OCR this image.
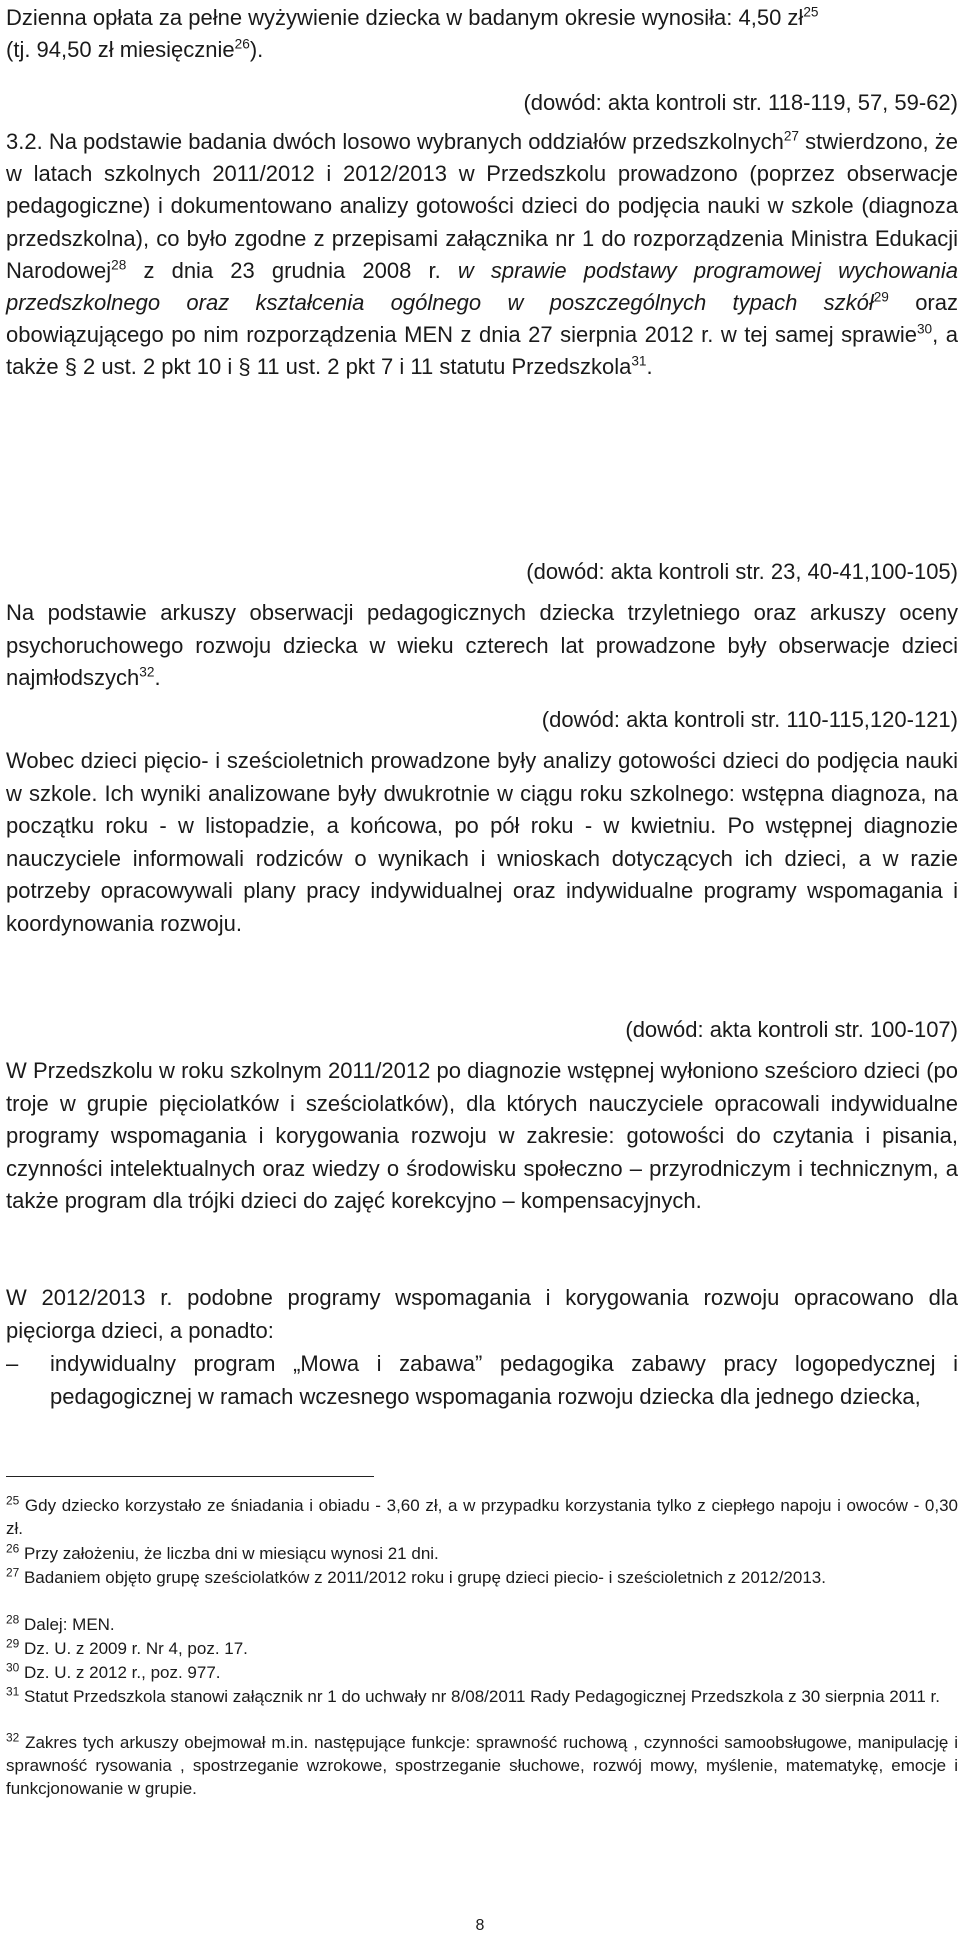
Dzienna opłata za pełne wyżywienie dziecka w badanym okresie wynosiła: 4,50 $zł^{25}$
(tj. 94,50 zł miesięcznie$^{26}$).

(dowód: akta kontroli str. 118-119, 57, 59-62)

3.2. Na podstawie badania dwóch losowo wybranych oddziałów przedszkolnych$^{27}$ stwierdzono, że w latach szkolnych 2011/2012 i 2012/2013 w Przedszkolu prowadzono (poprzez obserwacje pedagogiczne) i dokumentowano analizy gotowości dzieci do podjęcia nauki w szkole (diagnoza przedszkolna), co było zgodne z przepisami załącznika nr 1 do rozporządzenia Ministra Edukacji Narodowej$^{28}$ z dnia 23 grudnia 2008 r. w sprawie podstawy programowej wychowania przedszkolnego oraz kształcenia ogólnego w poszczególnych typach szkół$^{29}$ oraz obowiązującego po nim rozporządzenia MEN z dnia 27 sierpnia 2012 r. w tej samej sprawie$^{30}$, a także § 2 ust. 2 pkt 10 i § 11 ust. 2 pkt 7 i 11 statutu Przedszkola$^{31}$.

(dowód: akta kontroli str. 23, 40-41,100-105)

Na podstawie arkuszy obserwacji pedagogicznych dziecka trzyletniego oraz arkuszy oceny psychoruchowego rozwoju dziecka w wieku czterech lat prowadzone były obserwacje dzieci najmłodszych$^{32}$.

(dowód: akta kontroli str. 110-115,120-121)

Wobec dzieci pięcio- i sześcioletnich prowadzone były analizy gotowości dzieci do podjęcia nauki w szkole. Ich wyniki analizowane były dwukrotnie w ciągu roku szkolnego: wstępna diagnoza, na początku roku - w listopadzie, a końcowa, po pół roku - w kwietniu. Po wstępnej diagnozie nauczyciele informowali rodziców o wynikach i wnioskach dotyczących ich dzieci, a w razie potrzeby opracowywali plany pracy indywidualnej oraz indywidualne programy wspomagania i koordynowania rozwoju.

(dowód: akta kontroli str. 100-107)

W Przedszkolu w roku szkolnym 2011/2012 po diagnozie wstępnej wyłoniono sześcioro dzieci (po troje w grupie pięciolatków i sześciolatków), dla których nauczyciele opracowali indywidualne programy wspomagania i korygowania rozwoju w zakresie: gotowości do czytania i pisania, czynności intelektualnych oraz wiedzy o środowisku społeczno – przyrodniczym i technicznym, a także program dla trójki dzieci do zajęć korekcyjno – kompensacyjnych.

W 2012/2013 r. podobne programy wspomagania i korygowania rozwoju opracowano dla pięciorga dzieci, a ponadto:

–	indywidualny program „Mowa i zabawa” pedagogika zabawy pracy logopedycznej i pedagogicznej w ramach wczesnego wspomagania rozwoju dziecka dla jednego dziecka,

$^{25}$ Gdy dziecko korzystało ze śniadania i obiadu - 3,60 zł, a w przypadku korzystania tylko z ciepłego napoju i owoców - 0,30 zł.

$^{26}$ Przy założeniu, że liczba dni w miesiącu wynosi 21 dni.

$^{27}$ Badaniem objęto grupę sześciolatków z 2011/2012 roku i grupę dzieci piecio- i sześcioletnich z 2012/2013.

$^{28}$ Dalej: MEN.

$^{29}$ Dz. U. z 2009 r. Nr 4, poz. 17.

$^{30}$ Dz. U. z 2012 r., poz. 977.

$^{31}$ Statut Przedszkola stanowi załącznik nr 1 do uchwały nr 8/08/2011 Rady Pedagogicznej Przedszkola z 30 sierpnia 2011 r.

$^{32}$ Zakres tych arkuszy obejmował m.in. następujące funkcje: sprawność ruchową , czynności samoobsługowe, manipulację i sprawność rysowania , spostrzeganie wzrokowe, spostrzeganie słuchowe, rozwój mowy, myślenie, matematykę, emocje i funkcjonowanie w grupie.

8
